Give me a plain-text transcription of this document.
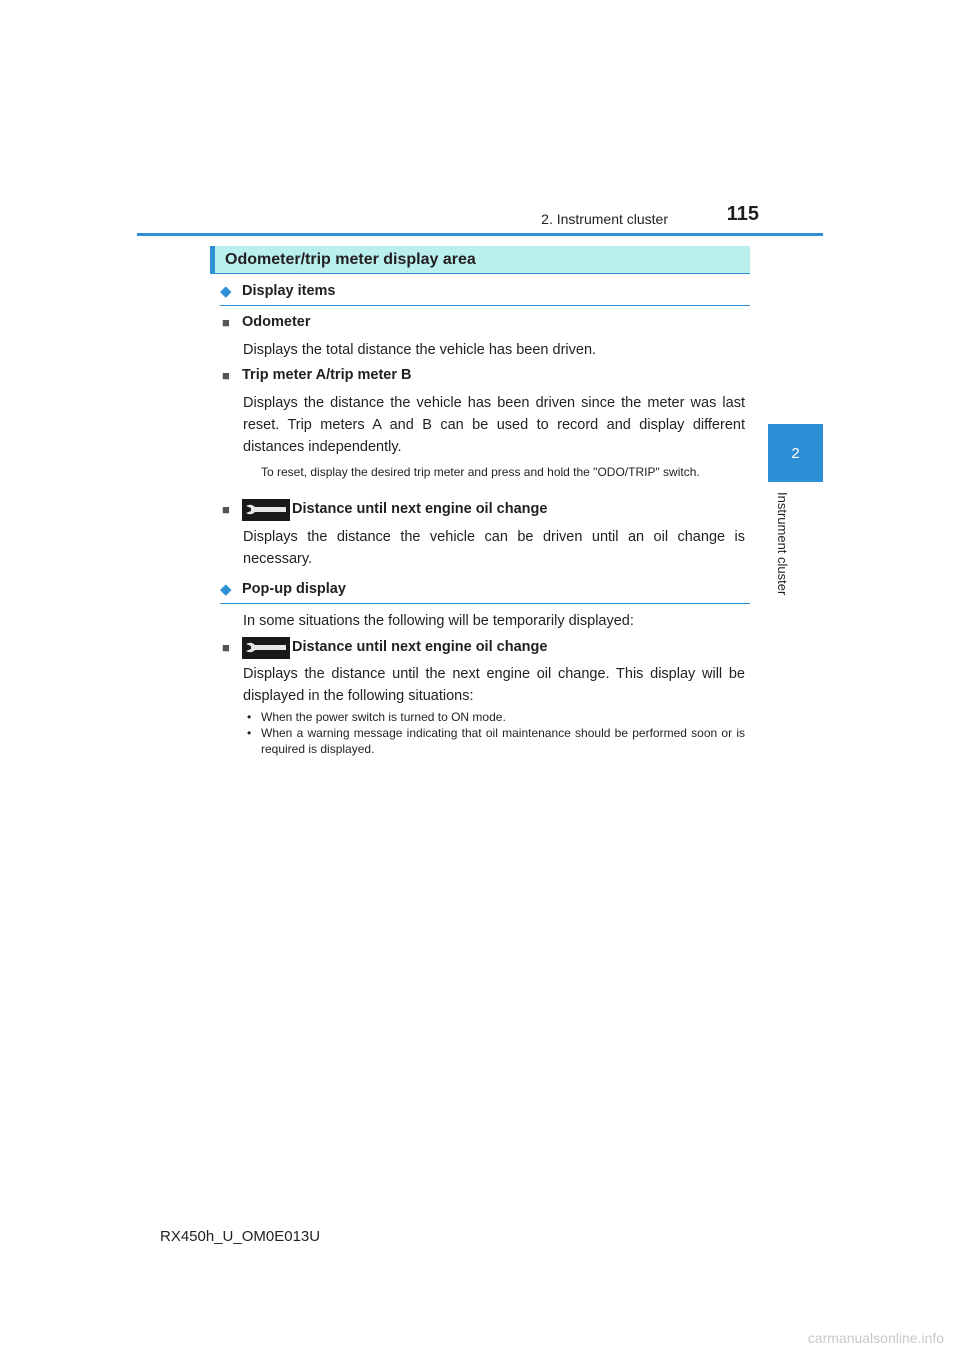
2. Instrument cluster	115
2
Instrument cluster
Odometer/trip meter display area
◆ Display items
■ Odometer
Displays the total distance the vehicle has been driven.
■ Trip meter A/trip meter B
Displays the distance the vehicle has been driven since the meter was last reset. Trip meters A and B can be used to record and display different distances independently.
To reset, display the desired trip meter and press and hold the "ODO/TRIP" switch.
■	Distance until next engine oil change
Displays the distance the vehicle can be driven until an oil change is necessary.
◆ Pop-up display
In some situations the following will be temporarily displayed:
■	Distance until next engine oil change
Displays the distance until the next engine oil change. This display will be displayed in the following situations:
• When the power switch is turned to ON mode.
• When a warning message indicating that oil maintenance should be performed soon or is required is displayed.
RX450h_U_OM0E013U
carmanualsonline.info
